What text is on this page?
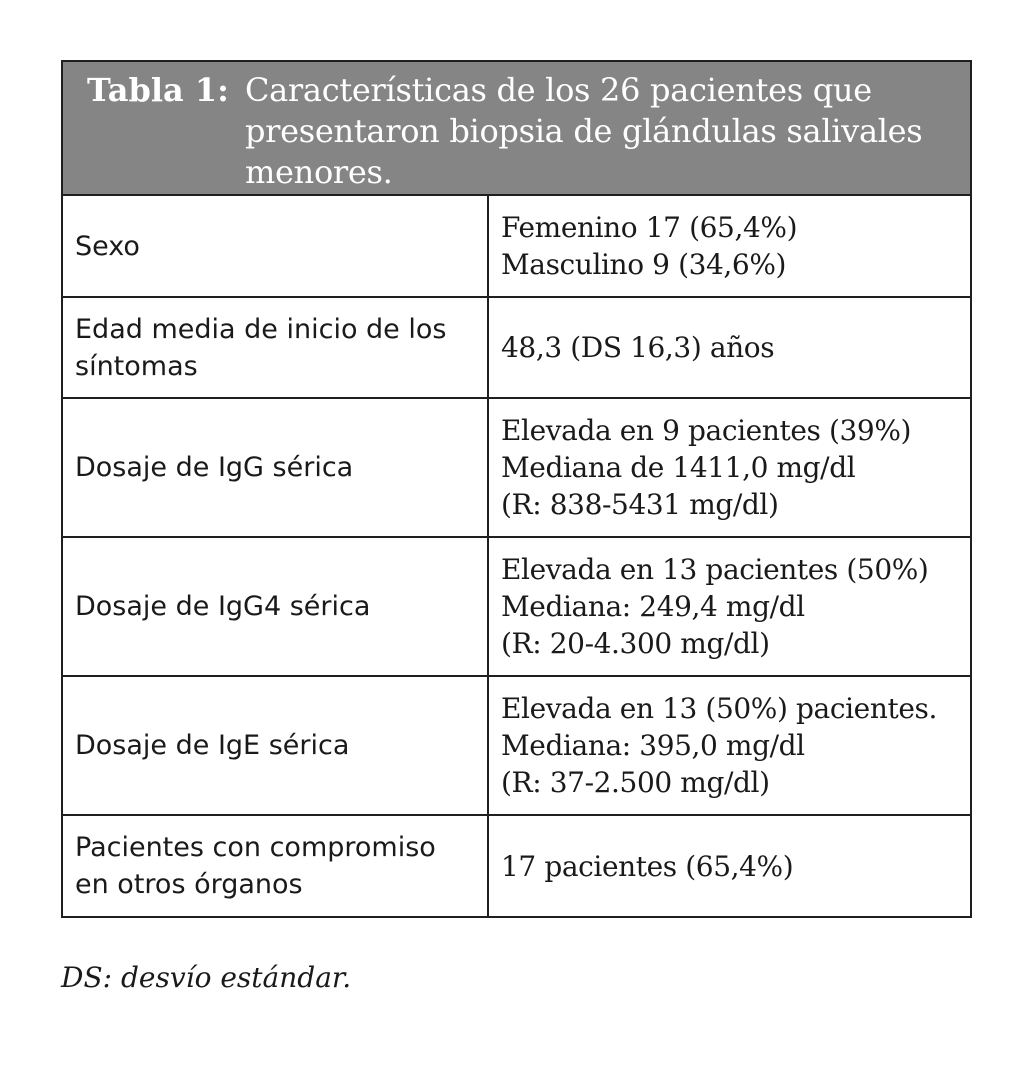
Tabla 1: Características de los 26 pacientes que presentaron biopsia de glándulas salivales menores.
Sexo	Femenino 17 (65,4%)
Masculino 9 (34,6%)

Edad media de inicio de los síntomas	48,3 (DS 16,3) años

Dosaje de IgG sérica	Elevada en 9 pacientes (39%)
Mediana de 1411,0 mg/dl
(R: 838-5431 mg/dl)

Dosaje de IgG4 sérica	Elevada en 13 pacientes (50%)
Mediana: 249,4 mg/dl
(R: 20-4.300 mg/dl)

Dosaje de IgE sérica	Elevada en 13 (50%) pacientes.
Mediana: 395,0 mg/dl
(R: 37-2.500 mg/dl)

Pacientes con compromiso en otros órganos	17 pacientes (65,4%)
DS: desvío estándar.
